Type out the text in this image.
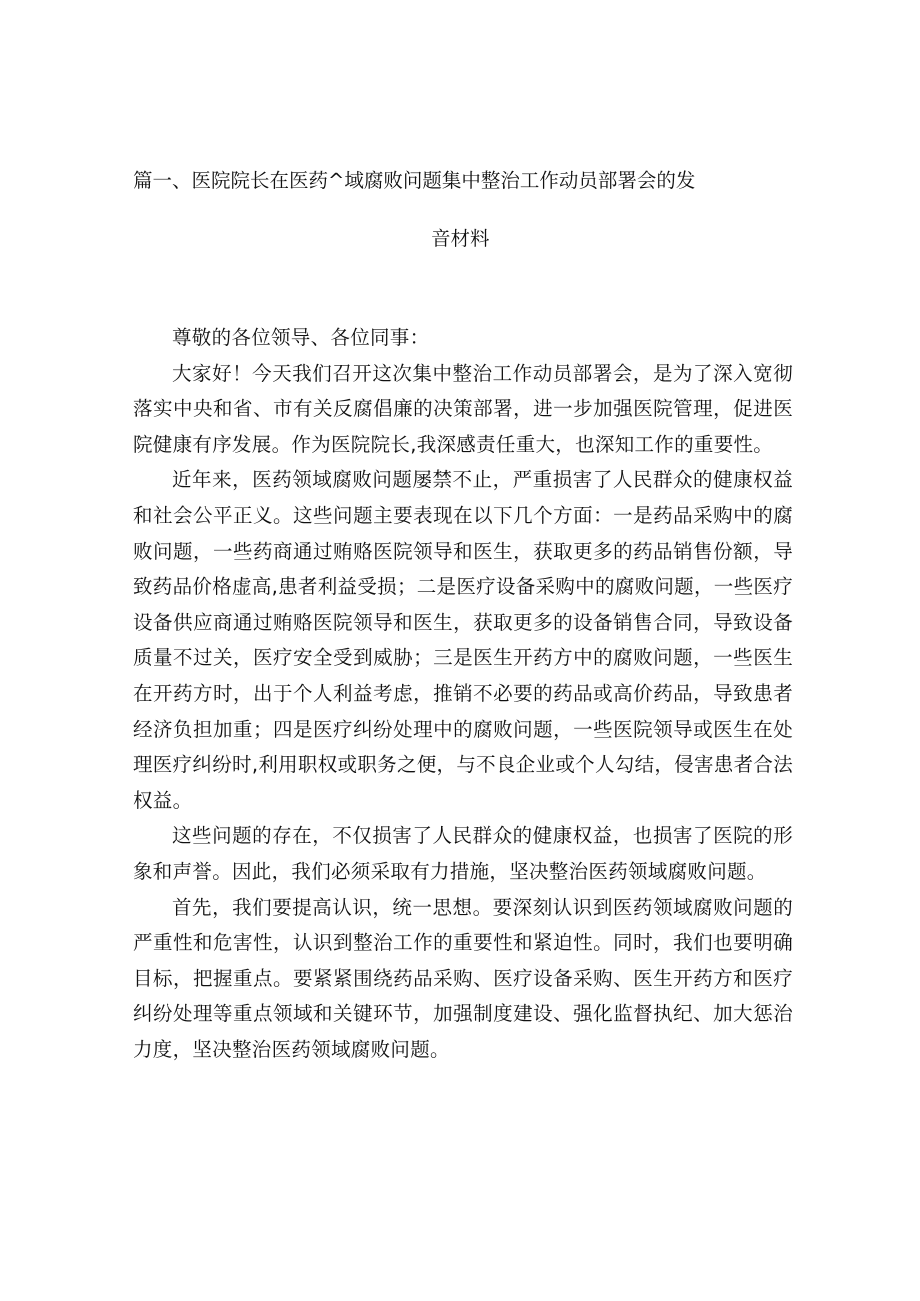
篇一、医院院长在医药^域腐败问题集中整治工作动员部署会的发
音材料

尊敬的各位领导、各位同事：

大家好！今天我们召开这次集中整治工作动员部署会，是为了深入宽彻落实中央和省、市有关反腐倡廉的决策部署，进一步加强医院管理，促进医院健康有序发展。作为医院院长,我深感责任重大，也深知工作的重要性。

近年来，医药领域腐败问题屡禁不止，严重损害了人民群众的健康权益和社会公平正义。这些问题主要表现在以下几个方面：一是药品采购中的腐败问题，一些药商通过贿赂医院领导和医生，获取更多的药品销售份额，导致药品价格虚高,患者利益受损；二是医疗设备采购中的腐败问题，一些医疗设备供应商通过贿赂医院领导和医生，获取更多的设备销售合同，导致设备质量不过关，医疗安全受到威胁；三是医生开药方中的腐败问题，一些医生在开药方时，出于个人利益考虑，推销不必要的药品或高价药品，导致患者经济负担加重；四是医疗纠纷处理中的腐败问题，一些医院领导或医生在处理医疗纠纷时,利用职权或职务之便，与不良企业或个人勾结，侵害患者合法权益。

这些问题的存在，不仅损害了人民群众的健康权益，也损害了医院的形象和声誉。因此，我们必须采取有力措施，坚决整治医药领域腐败问题。

首先，我们要提高认识，统一思想。要深刻认识到医药领域腐败问题的严重性和危害性，认识到整治工作的重要性和紧迫性。同时，我们也要明确目标，把握重点。要紧紧围绕药品采购、医疗设备采购、医生开药方和医疗纠纷处理等重点领域和关键环节，加强制度建设、强化监督执纪、加大惩治力度，坚决整治医药领域腐败问题。
